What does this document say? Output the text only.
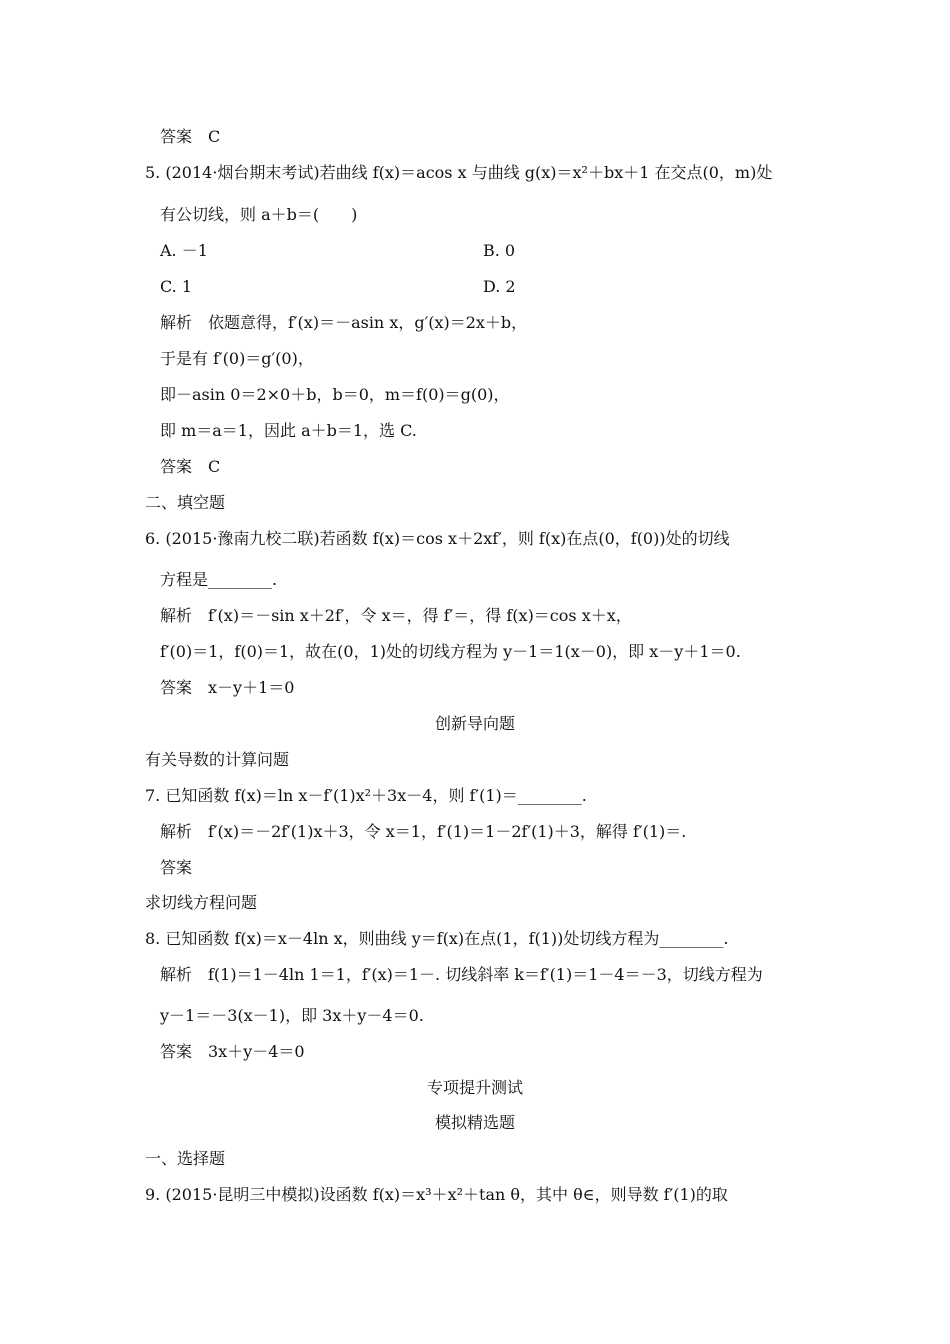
答案　C
5. (2014·烟台期末考试)若曲线 f(x)＝acos x 与曲线 g(x)＝x²＋bx＋1 在交点(0，m)处
有公切线，则 a＋b＝(　　)
A. －1	B. 0
C. 1	D. 2
解析　依题意得，f′(x)＝－asin x，g′(x)＝2x＋b，
于是有 f′(0)＝g′(0)，
即－asin 0＝2×0＋b，b＝0，m＝f(0)＝g(0)，
即 m＝a＝1，因此 a＋b＝1，选 C.
答案　C
二、填空题
6. (2015·豫南九校二联)若函数 f(x)＝cos x＋2xf′，则 f(x)在点(0，f(0))处的切线
方程是________.
解析　f′(x)＝－sin x＋2f′，令 x＝，得 f′＝，得 f(x)＝cos x＋x，
f′(0)＝1，f(0)＝1，故在(0，1)处的切线方程为 y－1＝1(x－0)，即 x－y＋1＝0.
答案　x－y＋1＝0
创新导向题
有关导数的计算问题
7. 已知函数 f(x)＝ln x－f′(1)x²＋3x－4，则 f′(1)＝________.
解析　f′(x)＝－2f′(1)x＋3，令 x＝1，f′(1)＝1－2f′(1)＋3，解得 f′(1)＝.
答案
求切线方程问题
8. 已知函数 f(x)＝x－4ln x，则曲线 y＝f(x)在点(1，f(1))处切线方程为________.
解析　f(1)＝1－4ln 1＝1，f′(x)＝1－. 切线斜率 k＝f′(1)＝1－4＝－3，切线方程为
y－1＝－3(x－1)，即 3x＋y－4＝0.
答案　3x＋y－4＝0
专项提升测试
模拟精选题
一、选择题
9. (2015·昆明三中模拟)设函数 f(x)＝x³＋x²＋tan θ，其中 θ∈，则导数 f′(1)的取
